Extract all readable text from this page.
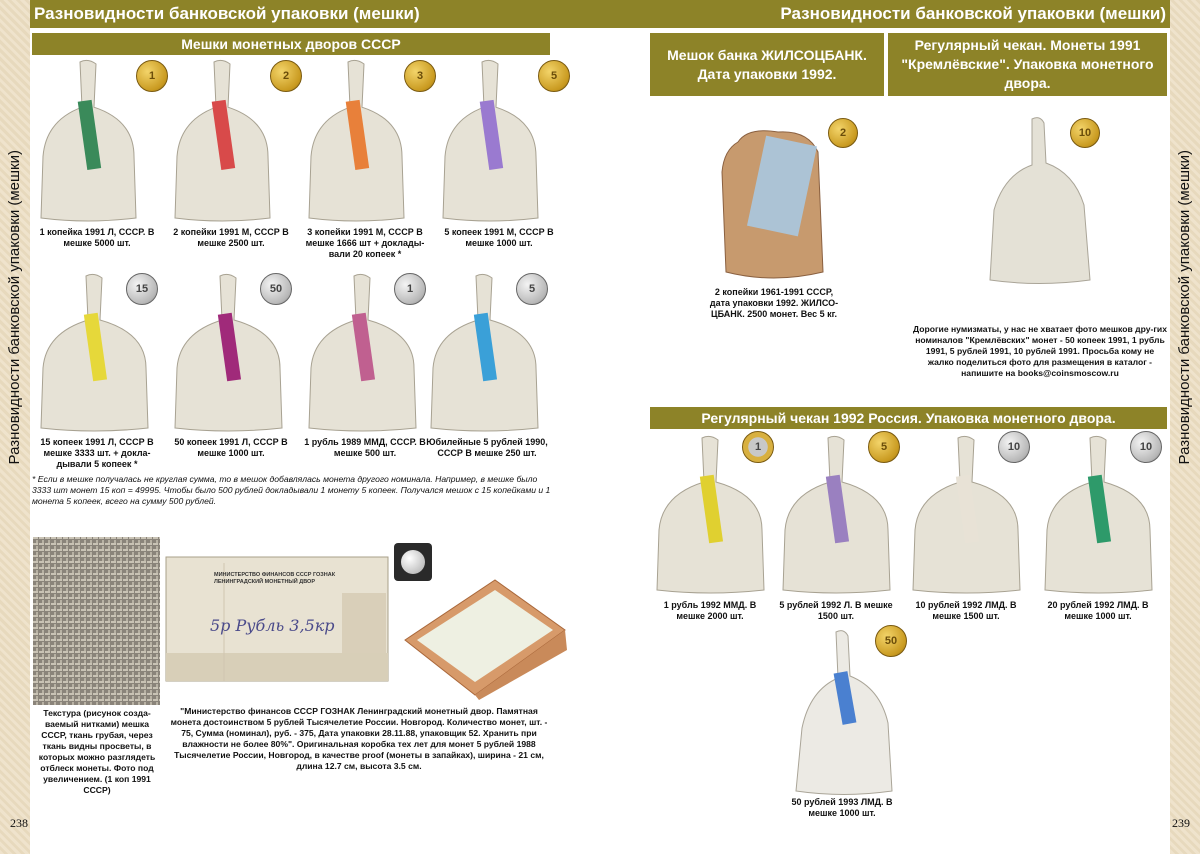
Разновидности банковской упаковки (мешки)	Разновидности банковской упаковки (мешки)
Разновидности банковской упаковки (мешки)	Разновидности банковской упаковки (мешки)
238	239
Мешки монетных дворов СССР
1
1 копейка 1991 Л, СССР. В мешке 5000 шт.
2
2 копейки 1991 М, СССР В мешке 2500 шт.
3
3 копейки 1991 М, СССР В мешке 1666 шт + доклады-вали 20 копеек *
5
5 копеек 1991 М, СССР В мешке 1000 шт.
15
15 копеек 1991 Л, СССР В мешке 3333 шт. + докла-дывали 5 копеек *
50
50 копеек 1991 Л, СССР В мешке 1000 шт.
1
1 рубль 1989 ММД, СССР. В мешке 500 шт.
5
Юбилейные 5 рублей 1990, СССР В мешке 250 шт.
* Если в мешке получалась не круглая сумма, то в мешок добавлялась монета другого номинала. Например, в мешке было 3333 шт монет 15 коп = 49995. Чтобы было 500 рублей докладывали 1 монету 5 копеек. Получался мешок с 15 копейками и 1 монета 5 копеек, всего на сумму 500 рублей.
Текстура (рисунок созда-ваемый нитками) мешка СССР, ткань грубая, через ткань видны просветы, в которых можно разглядеть отблеск монеты. Фото под увеличением. (1 коп 1991 СССР)
МИНИСТЕРСТВО ФИНАНСОВ СССР ГОЗНАК
ЛЕНИНГРАДСКИЙ МОНЕТНЫЙ ДВОР
5р Рубль 3,5кр
"Министерство финансов СССР ГОЗНАК Ленинградский монетный двор. Памятная монета достоинством 5 рублей Тысячелетие России. Новгород. Количество монет, шт. - 75, Сумма (номинал), руб. - 375, Дата упаковки 28.11.88, упаковщик 52. Хранить при влажности не более 80%". Оригинальная коробка тех лет для монет 5 рублей 1988 Тысячелетие России, Новгород, в качестве proof (монеты в запайках), ширина - 21 см, длина 12.7 см, высота 3.5 см.
Мешок банка ЖИЛСОЦБАНК. Дата упаковки 1992.
Регулярный чекан. Монеты 1991 "Кремлёвские". Упаковка монетного двора.
2
2 копейки 1961-1991 СССР, дата упаковки 1992. ЖИЛСО-ЦБАНК. 2500 монет. Вес 5 кг.
10
Дорогие нумизматы, у нас не хватает фото мешков дру-гих номиналов "Кремлёвских" монет - 50 копеек 1991, 1 рубль 1991, 5 рублей 1991, 10 рублей 1991. Просьба кому не жалко поделиться фото для размещения в каталог - напишите на books@coinsmoscow.ru
Регулярный чекан 1992 Россия. Упаковка монетного двора.
1
1 рубль 1992 ММД. В мешке 2000 шт.
5
5 рублей 1992 Л. В мешке 1500 шт.
10
10 рублей 1992 ЛМД. В мешке 1500 шт.
10
20 рублей 1992 ЛМД. В мешке 1000 шт.
50
50 рублей 1993 ЛМД. В мешке 1000 шт.
